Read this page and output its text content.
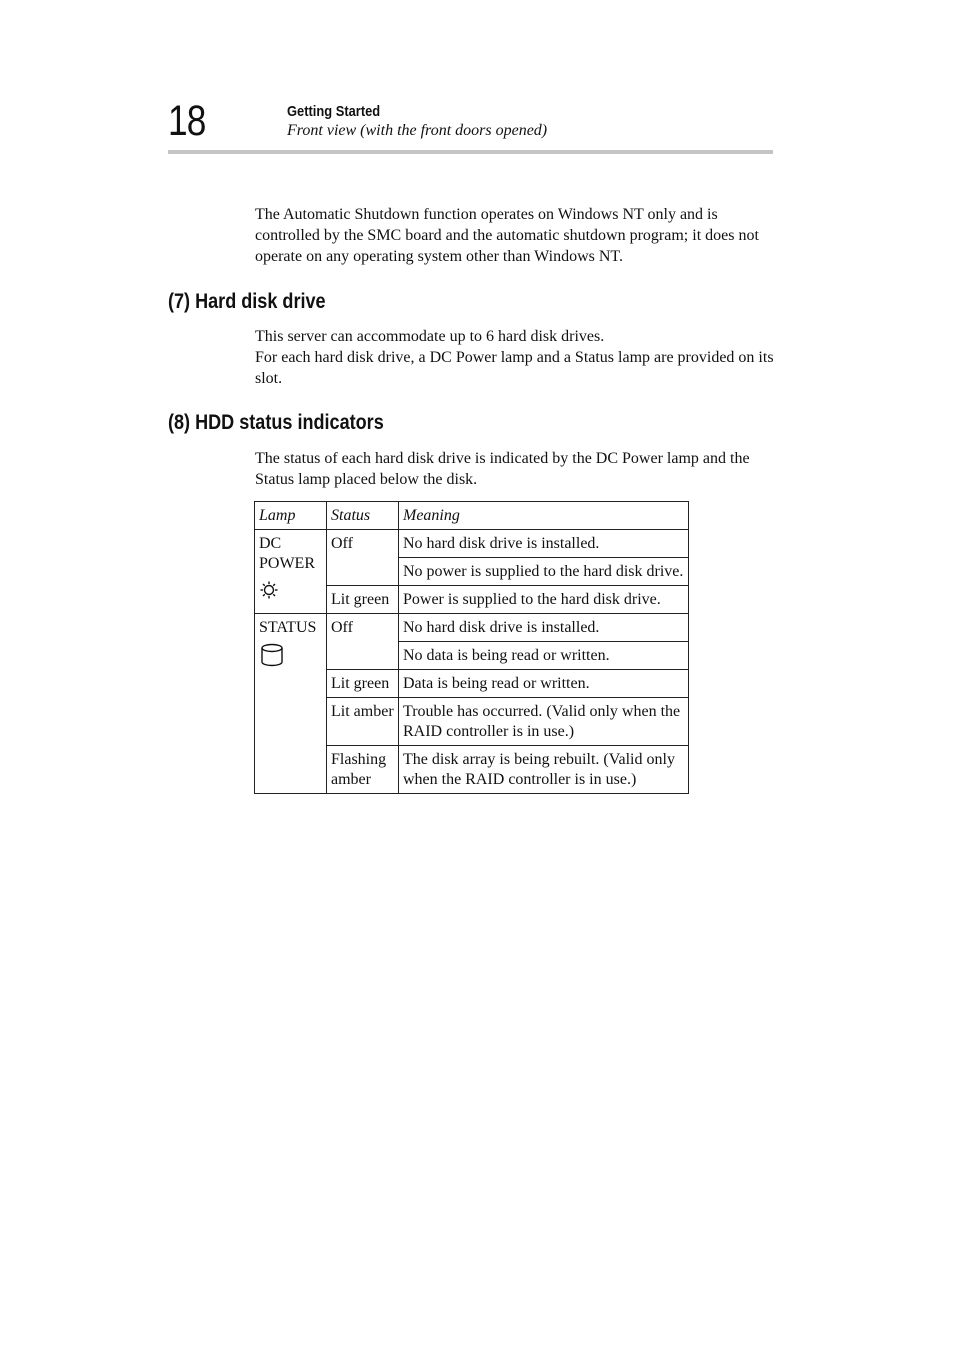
18	Getting Started
Front view (with the front doors opened)

The Automatic Shutdown function operates on Windows NT only and is controlled by the SMC board and the automatic shutdown program; it does not operate on any operating system other than Windows NT.

(7) Hard disk drive

This server can accommodate up to 6 hard disk drives.
For each hard disk drive, a DC Power lamp and a Status lamp are provided on its slot.

(8) HDD status indicators

The status of each hard disk drive is indicated by the DC Power lamp and the Status lamp placed below the disk.

Lamp	Status	Meaning
DC POWER	Off	No hard disk drive is installed.
		No power is supplied to the hard disk drive.
	Lit green	Power is supplied to the hard disk drive.
STATUS	Off	No hard disk drive is installed.
		No data is being read or written.
	Lit green	Data is being read or written.
	Lit amber	Trouble has occurred. (Valid only when the RAID controller is in use.)
	Flashing amber	The disk array is being rebuilt. (Valid only when the RAID controller is in use.)
